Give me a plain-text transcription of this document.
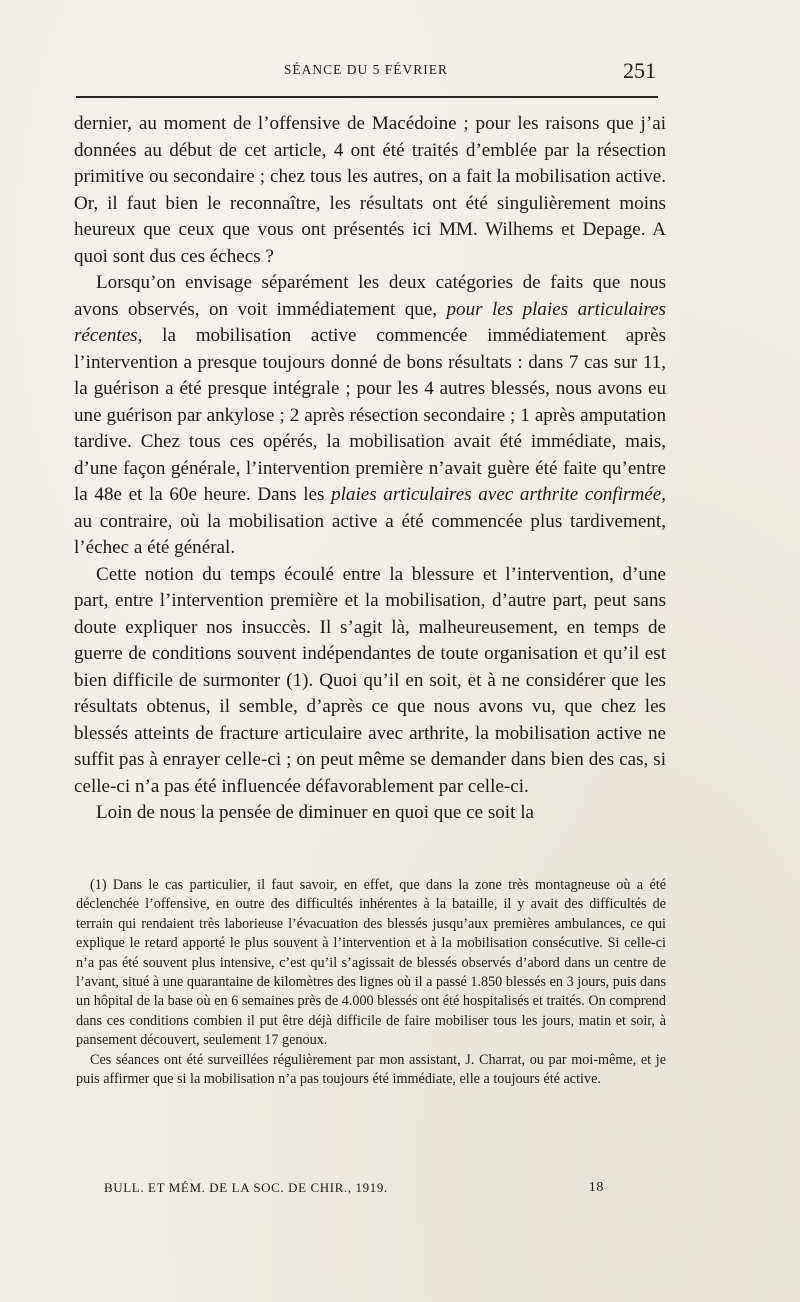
SÉANCE DU 5 FÉVRIER	251

dernier, au moment de l’offensive de Macédoine ; pour les raisons que j’ai données au début de cet article, 4 ont été traités d’emblée par la résection primitive ou secondaire ; chez tous les autres, on a fait la mobilisation active. Or, il faut bien le reconnaître, les résultats ont été singulièrement moins heureux que ceux que vous ont présentés ici MM. Wilhems et Depage. A quoi sont dus ces échecs ?

Lorsqu’on envisage séparément les deux catégories de faits que nous avons observés, on voit immédiatement que, pour les plaies articulaires récentes, la mobilisation active commencée immédiatement après l’intervention a presque toujours donné de bons résultats : dans 7 cas sur 11, la guérison a été presque intégrale ; pour les 4 autres blessés, nous avons eu une guérison par ankylose ; 2 après résection secondaire ; 1 après amputation tardive. Chez tous ces opérés, la mobilisation avait été immédiate, mais, d’une façon générale, l’intervention première n’avait guère été faite qu’entre la 48e et la 60e heure. Dans les plaies articulaires avec arthrite confirmée, au contraire, où la mobilisation active a été commencée plus tardivement, l’échec a été général.

Cette notion du temps écoulé entre la blessure et l’intervention, d’une part, entre l’intervention première et la mobilisation, d’autre part, peut sans doute expliquer nos insuccès. Il s’agit là, malheureusement, en temps de guerre de conditions souvent indépendantes de toute organisation et qu’il est bien difficile de surmonter (1). Quoi qu’il en soit, et à ne considérer que les résultats obtenus, il semble, d’après ce que nous avons vu, que chez les blessés atteints de fracture articulaire avec arthrite, la mobilisation active ne suffit pas à enrayer celle-ci ; on peut même se demander dans bien des cas, si celle-ci n’a pas été influencée défavorablement par celle-ci.

Loin de nous la pensée de diminuer en quoi que ce soit la

(1) Dans le cas particulier, il faut savoir, en effet, que dans la zone très montagneuse où a été déclenchée l’offensive, en outre des difficultés inhérentes à la bataille, il y avait des difficultés de terrain qui rendaient très laborieuse l’évacuation des blessés jusqu’aux premières ambulances, ce qui explique le retard apporté le plus souvent à l’intervention et à la mobilisation consécutive. Si celle-ci n’a pas été souvent plus intensive, c’est qu’il s’agissait de blessés observés d’abord dans un centre de l’avant, situé à une quarantaine de kilomètres des lignes où il a passé 1.850 blessés en 3 jours, puis dans un hôpital de la base où en 6 semaines près de 4.000 blessés ont été hospitalisés et traités. On comprend dans ces conditions combien il put être déjà difficile de faire mobiliser tous les jours, matin et soir, à pansement découvert, seulement 17 genoux.

Ces séances ont été surveillées régulièrement par mon assistant, J. Charrat, ou par moi-même, et je puis affirmer que si la mobilisation n’a pas toujours été immédiate, elle a toujours été active.

BULL. ET MÉM. DE LA SOC. DE CHIR., 1919.	18
